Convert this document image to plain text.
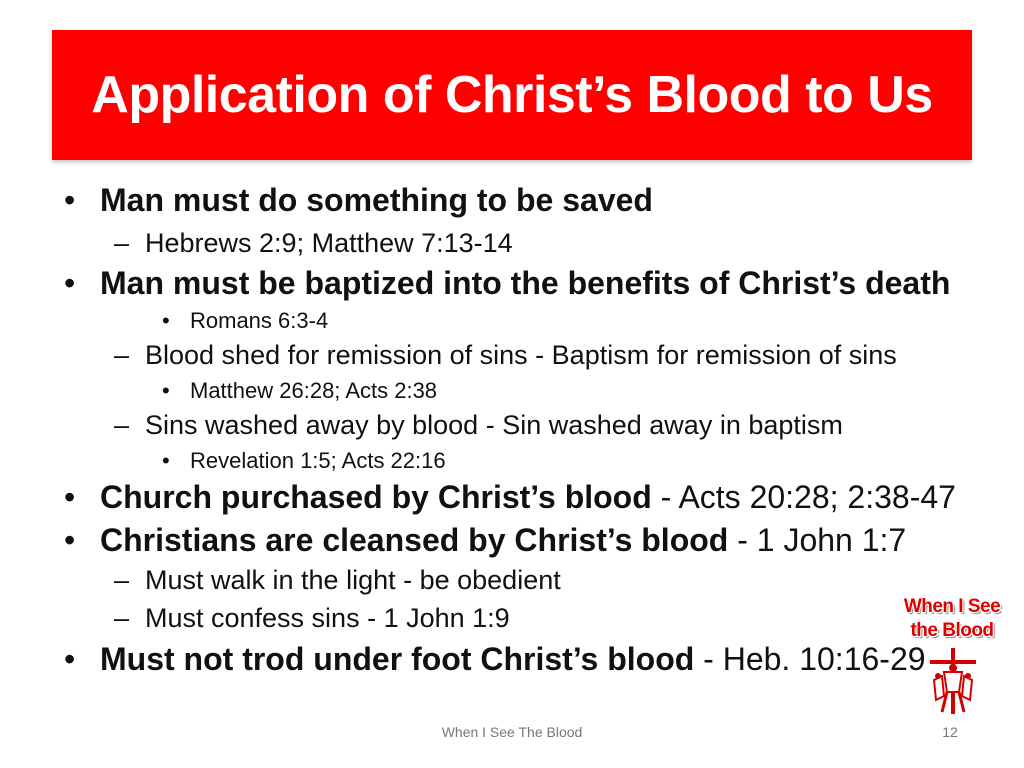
Application of Christ’s Blood to Us
• Man must do something to be saved
– Hebrews 2:9; Matthew 7:13-14
• Man must be baptized into the benefits of Christ’s death
• Romans 6:3-4
– Blood shed for remission of sins - Baptism for remission of sins
• Matthew 26:28; Acts 2:38
– Sins washed away by blood - Sin washed away in baptism
• Revelation 1:5; Acts 22:16
• Church purchased by Christ’s blood - Acts 20:28; 2:38-47
• Christians are cleansed by Christ’s blood - 1 John 1:7
– Must walk in the light - be obedient
– Must confess sins - 1 John 1:9
• Must not trod under foot Christ’s blood - Heb. 10:16-29
When I See
the Blood
When I See The Blood	12
